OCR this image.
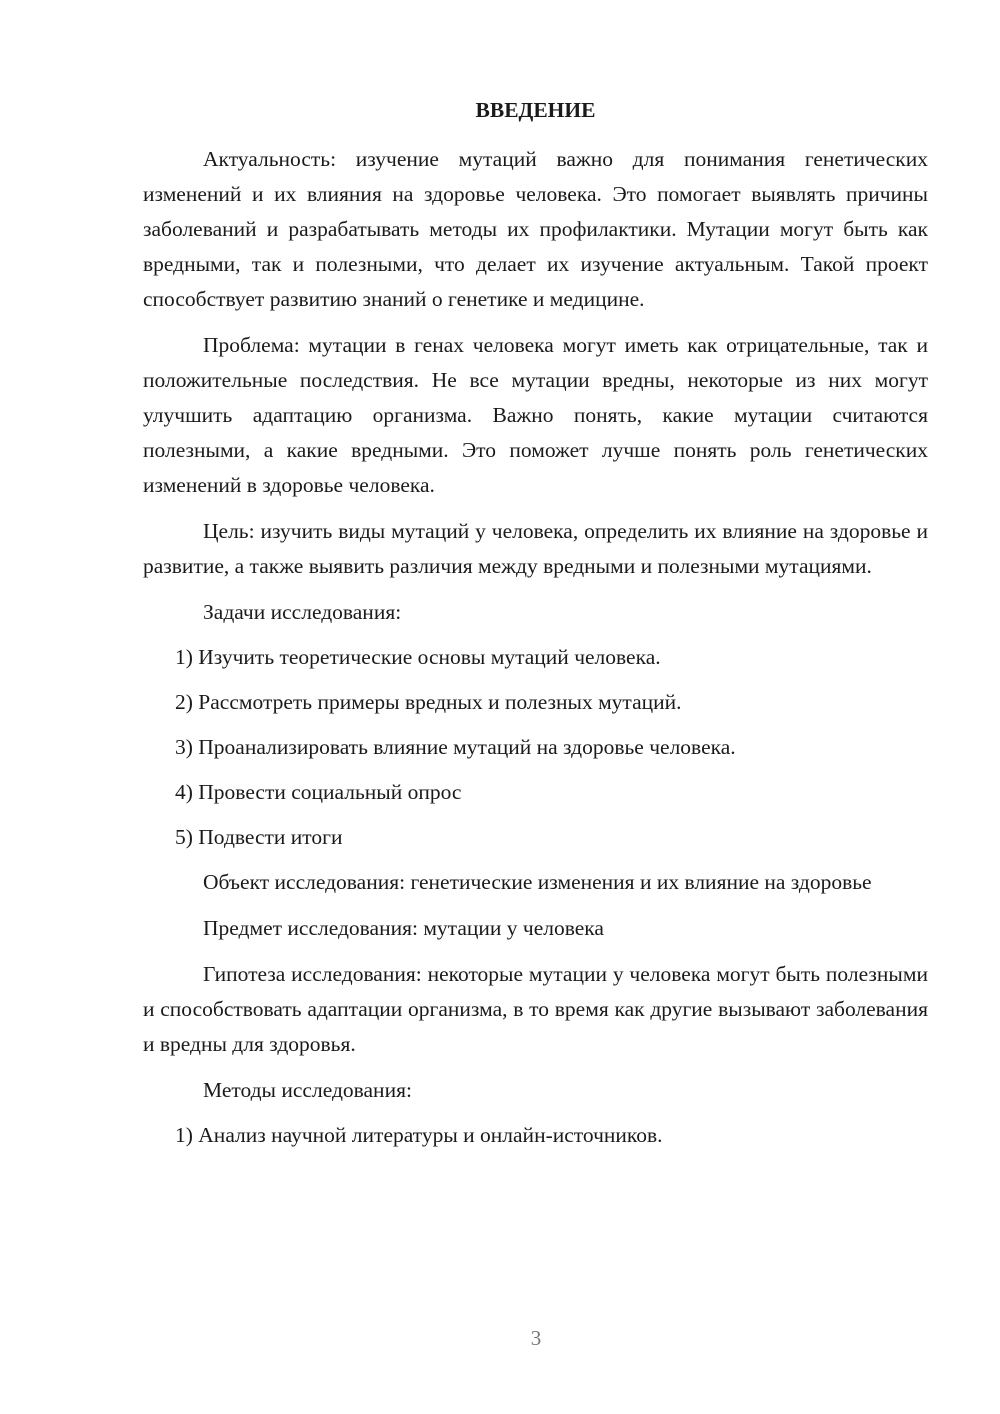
ВВЕДЕНИЕ

Актуальность: изучение мутаций важно для понимания генетических изменений и их влияния на здоровье человека. Это помогает выявлять причины заболеваний и разрабатывать методы их профилактики. Мутации могут быть как вредными, так и полезными, что делает их изучение актуальным. Такой проект способствует развитию знаний о генетике и медицине.

Проблема: мутации в генах человека могут иметь как отрицательные, так и положительные последствия. Не все мутации вредны, некоторые из них могут улучшить адаптацию организма. Важно понять, какие мутации считаются полезными, а какие вредными. Это поможет лучше понять роль генетических изменений в здоровье человека.

Цель: изучить виды мутаций у человека, определить их влияние на здоровье и развитие, а также выявить различия между вредными и полезными мутациями.

Задачи исследования:

1) Изучить теоретические основы мутаций человека.

2) Рассмотреть примеры вредных и полезных мутаций.

3) Проанализировать влияние мутаций на здоровье человека.

4) Провести социальный опрос

5) Подвести итоги

Объект исследования: генетические изменения и их влияние на здоровье

Предмет исследования: мутации у человека

Гипотеза исследования: некоторые мутации у человека могут быть полезными и способствовать адаптации организма, в то время как другие вызывают заболевания и вредны для здоровья.

Методы исследования:

1) Анализ научной литературы и онлайн-источников.

3
